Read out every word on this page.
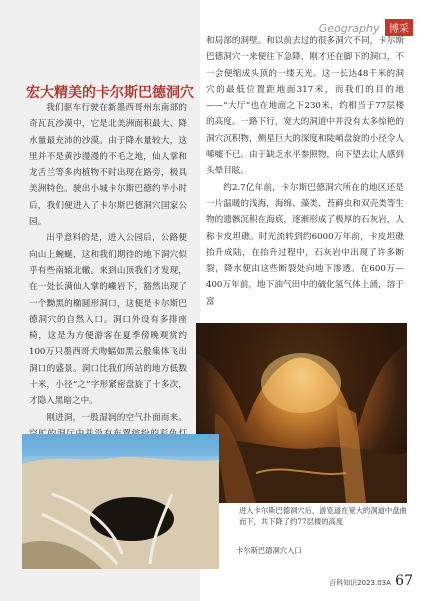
Geography 博采
宏大精美的卡尔斯巴德洞穴

我们驱车行驶在新墨西哥州东南部的奇瓦瓦沙漠中，它是北美洲面积最大、降水量最充沛的沙漠。由于降水量较大，这里并不是黄沙漫漫的不毛之地，仙人掌和龙舌兰等多肉植物不时出现在路旁，极具美洲特色。驶出小城卡尔斯巴德约半小时后，我们便进入了卡尔斯巴德洞穴国家公园。

出乎意料的是，进入公园后，公路便向山上蜿蜒，这和我们期待的地下洞穴似乎有些南辕北辙。来到山顶我们才发现，在一处长满仙人掌的巉岩下，豁然出现了一个黝黑的椭圆形洞口，这便是卡尔斯巴德洞穴的自然入口。洞口外设有多排座椅，这是为方便游客在夏季傍晚观赏约100万只墨西哥犬吻蝠如黑云般集体飞出洞口的盛景。洞口比我们所站的地方低数十米，小径“之”字形紧密盘旋了十多次，才隐入黑暗之中。

刚进洞，一股湿润的空气扑面而来。

和局部的洞壁。和以前去过的很多洞穴不同，卡尔斯巴德洞穴一来便往下急降，刚才还在脚下的洞口，不一会便缩成头顶的一缕天光。这一长达48千米的洞穴的最低位置距地面317米，而我们的目的地——“大厅”也在地面之下230米，约相当于77层楼的高度。一路下行，宽大的洞道中并没有太多惊艳的洞穴沉积物，侧星巨大的深度和陡峭盘旋的小径令人唏嘘不已。由于缺乏水平参照物，向下望去让人感到头晕目眩。

约2.7亿年前，卡尔斯巴德洞穴所在的地区还是一片温暖的浅海，海绵、藻类、苔藓虫和双壳类等生物的遗骸沉积在海底，逐渐形成了极厚的石灰岩，人称卡皮坦礁。时光流转到约6000万年前，卡皮坦礁抬升成陆，在抬升过程中，石灰岩中出现了许多断裂，降水便由这些断裂处向地下渗透。在600万—400万年前，地下油气田中的硫化氢气体上涌，溶于富

进入卡尔斯巴德洞穴后，游览道在宽大的洞道中盘曲而下，共下降了约77层楼的高度
卡尔斯巴德洞穴入口
百科知识2023.03A 67
